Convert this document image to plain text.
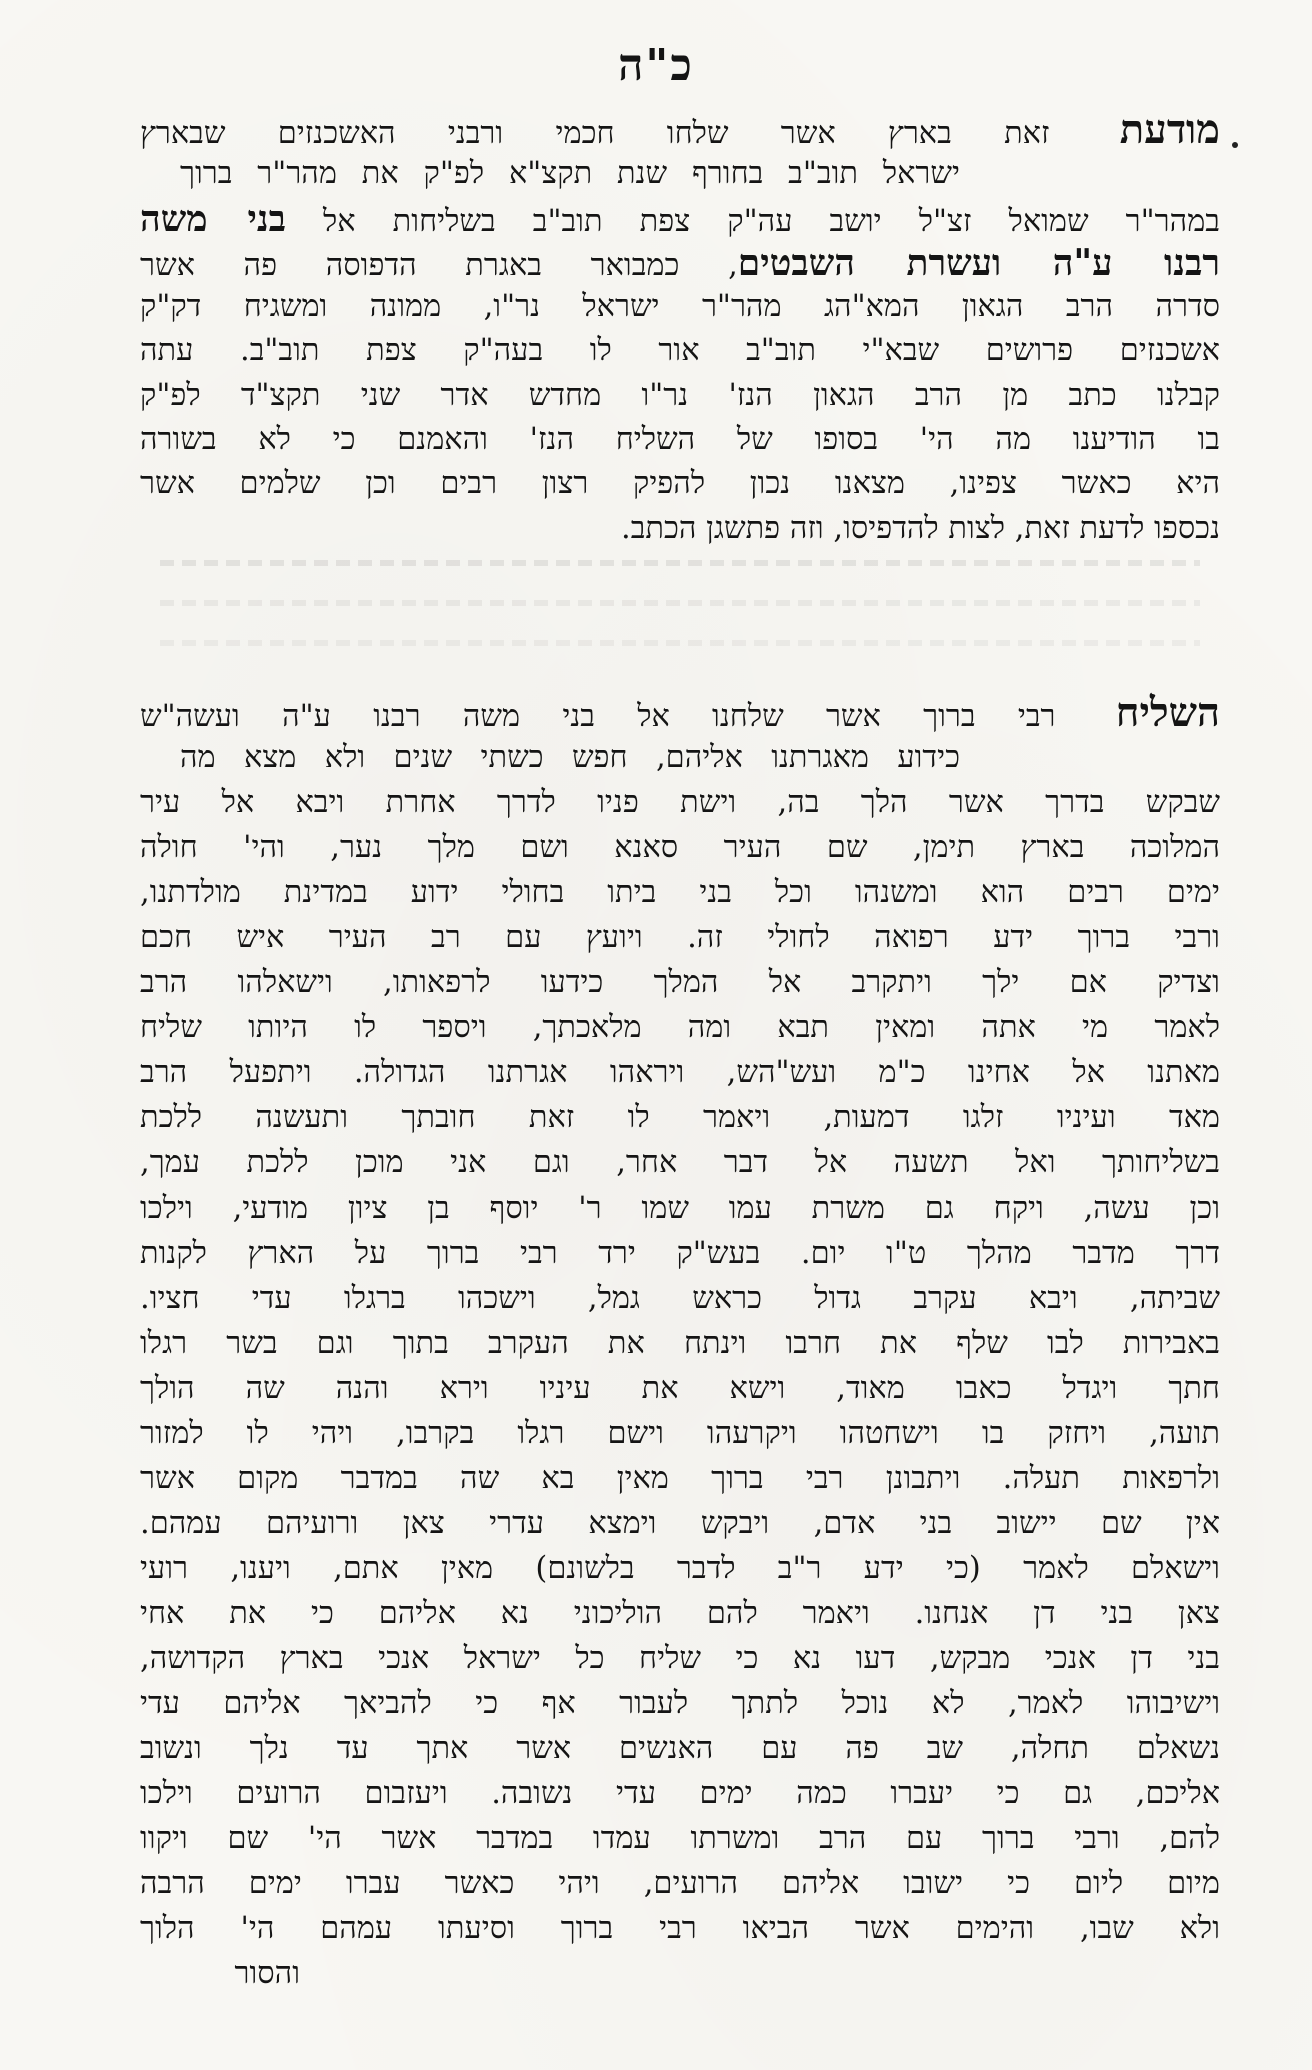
כ"ה
מודעת זאת בארץ אשר שלחו חכמי ורבני האשכנזים שבארץ
ישראל תוב"ב בחורף שנת תקצ"א לפ"ק את מהר"ר ברוך
במהר"ר שמואל זצ"ל יושב עה"ק צפת תוב"ב בשליחות אל בני משה
רבנו ע"ה ועשרת השבטים, כמבואר באגרת הדפוסה פה אשר
סדרה הרב הגאון המא"הג מהר"ר ישראל נר"ו, ממונה ומשגיח דק"ק
אשכנזים פרושים שבא"י תוב"ב אור לו בעה"ק צפת תוב"ב. עתה
קבלנו כתב מן הרב הגאון הנז' נר"ו מחדש אדר שני תקצ"ד לפ"ק
בו הודיענו מה הי' בסופו של השליח הנז' והאמנם כי לא בשורה
היא כאשר צפינו, מצאנו נכון להפיק רצון רבים וכן שלמים אשר
נכספו לדעת זאת, לצות להדפיסו, וזה פתשגן הכתב.
השליח רבי ברוך אשר שלחנו אל בני משה רבנו ע"ה ועשה"ש
כידוע מאגרתנו אליהם, חפש כשתי שנים ולא מצא מה
שבקש בדרך אשר הלך בה, וישת פניו לדרך אחרת ויבא אל עיר
המלוכה בארץ תימן, שם העיר סאנא ושם מלך נער, והי' חולה
ימים רבים הוא ומשנהו וכל בני ביתו בחולי ידוע במדינת מולדתנו,
ורבי ברוך ידע רפואה לחולי זה. ויועץ עם רב העיר איש חכם
וצדיק אם ילך ויתקרב אל המלך כידעו לרפאותו, וישאלהו הרב
לאמר מי אתה ומאין תבא ומה מלאכתך, ויספר לו היותו שליח
מאתנו אל אחינו כ"מ ועש"הש, ויראהו אגרתנו הגדולה. ויתפעל הרב
מאד ועיניו זלגו דמעות, ויאמר לו זאת חובתך ותעשנה ללכת
בשליחותך ואל תשעה אל דבר אחר, וגם אני מוכן ללכת עמך,
וכן עשה, ויקח גם משרת עמו שמו ר' יוסף בן ציון מודעי, וילכו
דרך מדבר מהלך ט"ו יום. בעש"ק ירד רבי ברוך על הארץ לקנות
שביתה, ויבא עקרב גדול כראש גמל, וישכהו ברגלו עדי חציו.
באבירות לבו שלף את חרבו וינתח את העקרב בתוך וגם בשר רגלו
חתך ויגדל כאבו מאוד, וישא את עיניו וירא והנה שה הולך
תועה, ויחזק בו וישחטהו ויקרעהו וישם רגלו בקרבו, ויהי לו למזור
ולרפאות תעלה. ויתבונן רבי ברוך מאין בא שה במדבר מקום אשר
אין שם יישוב בני אדם, ויבקש וימצא עדרי צאן ורועיהם עמהם.
וישאלם לאמר (כי ידע ר"ב לדבר בלשונם) מאין אתם, ויענו, רועי
צאן בני דן אנחנו. ויאמר להם הוליכוני נא אליהם כי את אחי
בני דן אנכי מבקש, דעו נא כי שליח כל ישראל אנכי בארץ הקדושה,
וישיבוהו לאמר, לא נוכל לתתך לעבור אף כי להביאך אליהם עדי
נשאלם תחלה, שב פה עם האנשים אשר אתך עד נלך ונשוב
אליכם, גם כי יעברו כמה ימים עדי נשובה. ויעזבום הרועים וילכו
להם, ורבי ברוך עם הרב ומשרתו עמדו במדבר אשר הי' שם ויקוו
מיום ליום כי ישובו אליהם הרועים, ויהי כאשר עברו ימים הרבה
ולא שבו, והימים אשר הביאו רבי ברוך וסיעתו עמהם הי' הלוך
והסור
